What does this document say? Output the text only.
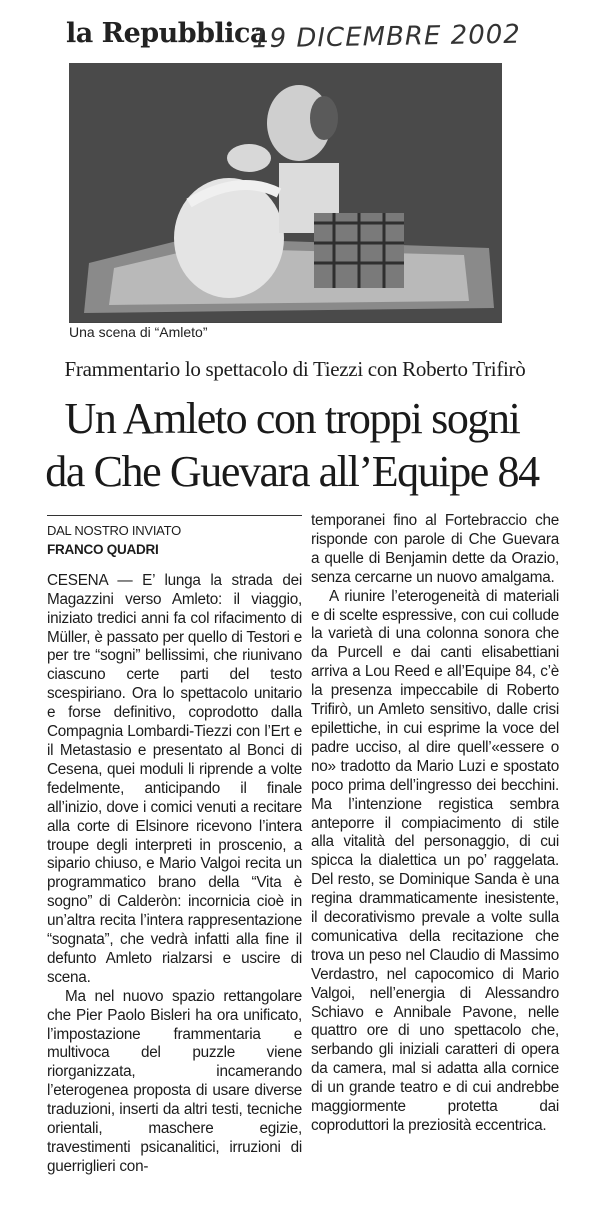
la Repubblica
19 DICEMBRE 2002
Una scena di “Amleto”
Frammentario lo spettacolo di Tiezzi con Roberto Trifirò
Un Amleto con troppi sogni
da Che Guevara all’Equipe 84
DAL NOSTRO INVIATO
FRANCO QUADRI

CESENA — E’ lunga la strada dei Magazzini verso Amleto: il viaggio, iniziato tredici anni fa col rifacimento di Müller, è passato per quello di Testori e per tre “sogni” bellissimi, che riunivano ciascuno certe parti del testo scespiriano. Ora lo spettacolo unitario e forse definitivo, coprodotto dalla Compagnia Lombardi-Tiezzi con l’Ert e il Metastasio e presentato al Bonci di Cesena, quei moduli li riprende a volte fedelmente, anticipando il finale all’inizio, dove i comici venuti a recitare alla corte di Elsinore ricevono l’intera troupe degli interpreti in proscenio, a sipario chiuso, e Mario Valgoi recita un programmatico brano della “Vita è sogno” di Calderòn: incornicia cioè in un’altra recita l’intera rappresentazione “sognata”, che vedrà infatti alla fine il defunto Amleto rialzarsi e uscire di scena.

Ma nel nuovo spazio rettangolare che Pier Paolo Bisleri ha ora unificato, l’impostazione frammentaria e multivoca del puzzle viene riorganizzata, incamerando l’eterogenea proposta di usare diverse traduzioni, inserti da altri testi, tecniche orientali, maschere egizie, travestimenti psicanalitici, irruzioni di guerriglieri con-

temporanei fino al Fortebraccio che risponde con parole di Che Guevara a quelle di Benjamin dette da Orazio, senza cercarne un nuovo amalgama.

A riunire l’eterogeneità di materiali e di scelte espressive, con cui collude la varietà di una colonna sonora che da Purcell e dai canti elisabettiani arriva a Lou Reed e all’Equipe 84, c’è la presenza impeccabile di Roberto Trifirò, un Amleto sensitivo, dalle crisi epilettiche, in cui esprime la voce del padre ucciso, al dire quell’«essere o no» tradotto da Mario Luzi e spostato poco prima dell’ingresso dei becchini. Ma l’intenzione registica sembra anteporre il compiacimento di stile alla vitalità del personaggio, di cui spicca la dialettica un po’ raggelata. Del resto, se Dominique Sanda è una regina drammaticamente inesistente, il decorativismo prevale a volte sulla comunicativa della recitazione che trova un peso nel Claudio di Massimo Verdastro, nel capocomico di Mario Valgoi, nell’energia di Alessandro Schiavo e Annibale Pavone, nelle quattro ore di uno spettacolo che, serbando gli iniziali caratteri di opera da camera, mal si adatta alla cornice di un grande teatro e di cui andrebbe maggiormente protetta dai coproduttori la preziosità eccentrica.
